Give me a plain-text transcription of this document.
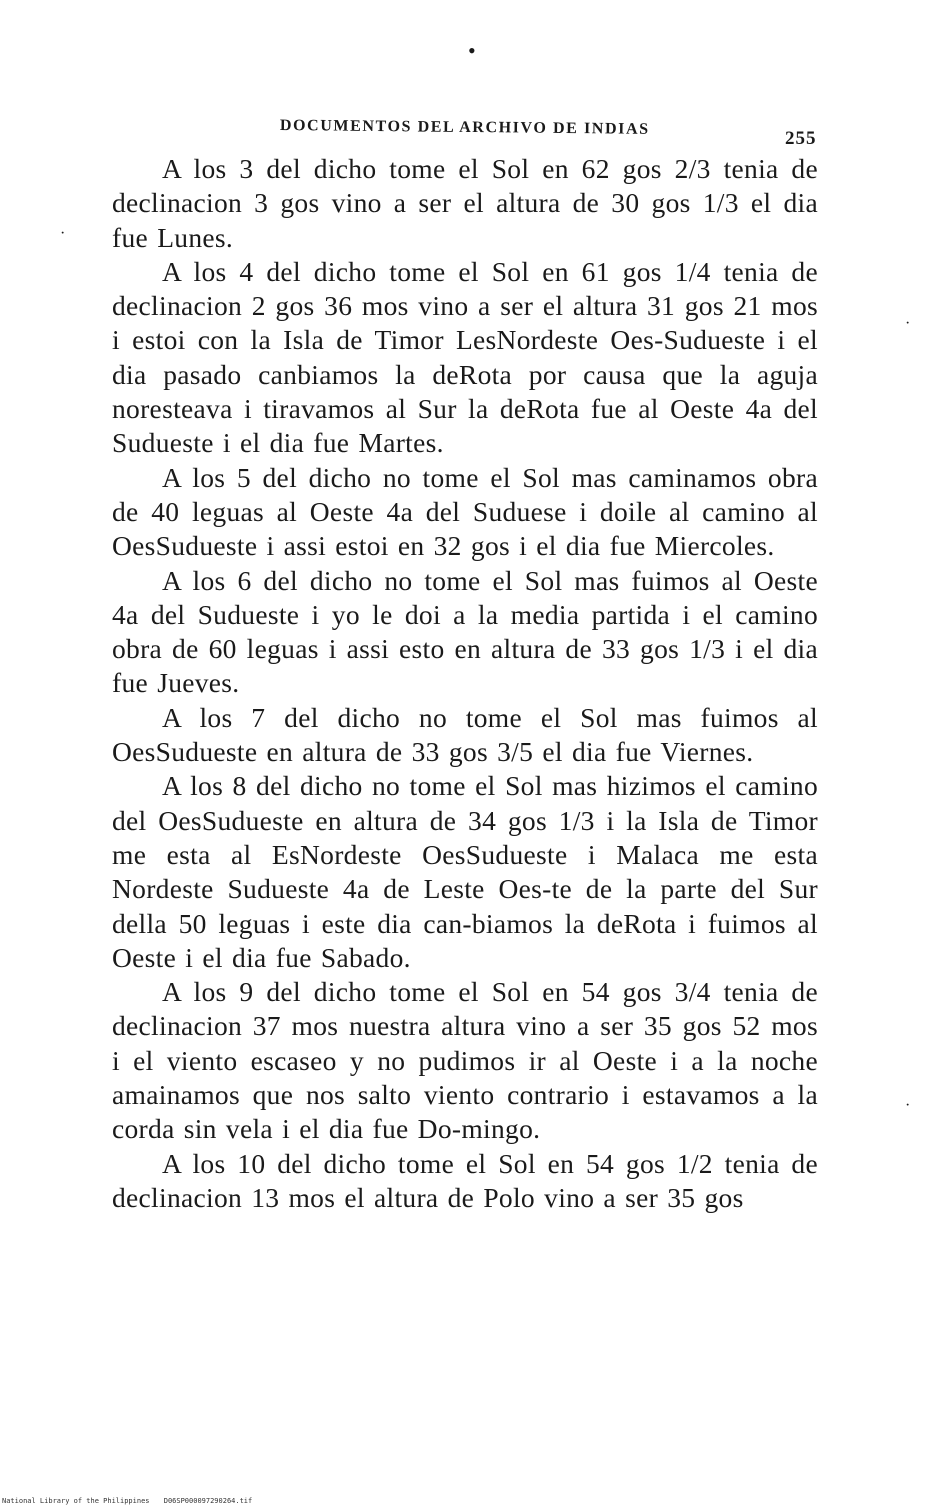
•
·
·
·
DOCUMENTOS DEL ARCHIVO DE INDIAS
255

A los 3 del dicho tome el Sol en 62 gos 2/3 tenia de declinacion 3 gos vino a ser el altura de 30 gos 1/3 el dia fue Lunes.

A los 4 del dicho tome el Sol en 61 gos 1/4 tenia de declinacion 2 gos 36 mos vino a ser el altura 31 gos 21 mos i estoi con la Isla de Timor LesNordeste Oes-Sudueste i el dia pasado canbiamos la deRota por causa que la aguja noresteava i tiravamos al Sur la deRota fue al Oeste 4a del Sudueste i el dia fue Martes.

A los 5 del dicho no tome el Sol mas caminamos obra de 40 leguas al Oeste 4a del Suduese i doile al camino al OesSudueste i assi estoi en 32 gos i el dia fue Miercoles.

A los 6 del dicho no tome el Sol mas fuimos al Oeste 4a del Sudueste i yo le doi a la media partida i el camino obra de 60 leguas i assi esto en altura de 33 gos 1/3 i el dia fue Jueves.

A los 7 del dicho no tome el Sol mas fuimos al OesSudueste en altura de 33 gos 3/5 el dia fue Viernes.

A los 8 del dicho no tome el Sol mas hizimos el camino del OesSudueste en altura de 34 gos 1/3 i la Isla de Timor me esta al EsNordeste OesSudueste i Malaca me esta Nordeste Sudueste 4a de Leste Oes-te de la parte del Sur della 50 leguas i este dia can-biamos la deRota i fuimos al Oeste i el dia fue Sabado.

A los 9 del dicho tome el Sol en 54 gos 3/4 tenia de declinacion 37 mos nuestra altura vino a ser 35 gos 52 mos i el viento escaseo y no pudimos ir al Oeste i a la noche amainamos que nos salto viento contrario i estavamos a la corda sin vela i el dia fue Do-mingo.

A los 10 del dicho tome el Sol en 54 gos 1/2 tenia de declinacion 13 mos el altura de Polo vino a ser 35 gos

National Library of the Philippines D06SP000097290264.tif
